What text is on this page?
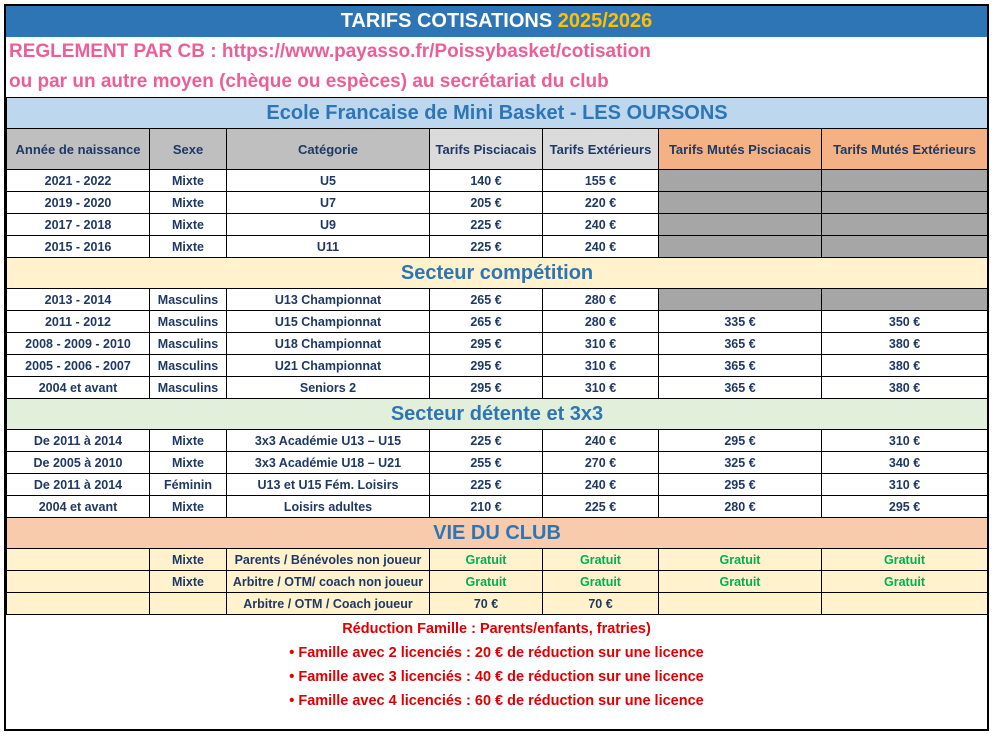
TARIFS COTISATIONS 2025/2026
REGLEMENT PAR CB : https://www.payasso.fr/Poissybasket/cotisation
ou par un autre moyen (chèque ou espèces) au secrétariat du club
Ecole Francaise de Mini Basket - LES OURSONS						
Année de naissance	Sexe	Catégorie	Tarifs Pisciacais	Tarifs Extérieurs	Tarifs Mutés Pisciacais	Tarifs Mutés Extérieurs
2021 - 2022	Mixte	U5	140 €	155 €		
2019 - 2020	Mixte	U7	205 €	220 €		
2017 - 2018	Mixte	U9	225 €	240 €		
2015 - 2016	Mixte	U11	225 €	240 €		
Secteur compétition						
2013 - 2014	Masculins	U13 Championnat	265 €	280 €		
2011 - 2012	Masculins	U15 Championnat	265 €	280 €	335 €	350 €
2008 - 2009 - 2010	Masculins	U18 Championnat	295 €	310 €	365 €	380 €
2005 - 2006 - 2007	Masculins	U21 Championnat	295 €	310 €	365 €	380 €
2004 et avant	Masculins	Seniors 2	295 €	310 €	365 €	380 €
Secteur détente et 3x3						
De 2011 à 2014	Mixte	3x3 Académie U13 – U15	225 €	240 €	295 €	310 €
De 2005 à 2010	Mixte	3x3 Académie U18 – U21	255 €	270 €	325 €	340 €
De 2011 à 2014	Féminin	U13 et U15 Fém. Loisirs	225 €	240 €	295 €	310 €
2004 et avant	Mixte	Loisirs adultes	210 €	225 €	280 €	295 €
VIE DU CLUB						
	Mixte	Parents / Bénévoles non joueur	Gratuit	Gratuit	Gratuit	Gratuit
	Mixte	Arbitre / OTM/ coach non joueur	Gratuit	Gratuit	Gratuit	Gratuit
		Arbitre / OTM / Coach joueur	70 €	70 €		
Réduction Famille : Parents/enfants, fratries)
• Famille avec 2 licenciés : 20 € de réduction sur une licence
• Famille avec 3 licenciés : 40 € de réduction sur une licence
• Famille avec 4 licenciés : 60 € de réduction sur une licence
